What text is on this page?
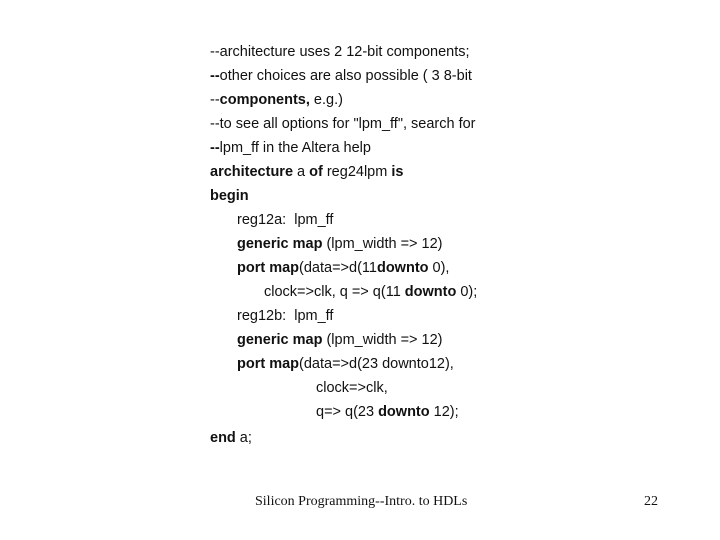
--architecture uses 2 12-bit components;
--other choices are also possible ( 3 8-bit
--components, e.g.)
--to see all options for "lpm_ff", search for
--lpm_ff in the Altera help
architecture a of reg24lpm is
begin
reg12a:  lpm_ff
generic map (lpm_width => 12)
port map(data=>d(11downto 0),
clock=>clk, q => q(11 downto 0);
reg12b:  lpm_ff
generic map (lpm_width => 12)
port map(data=>d(23 downto12),
clock=>clk,
q=> q(23 downto 12);
end a;
Silicon Programming--Intro. to HDLs	22
